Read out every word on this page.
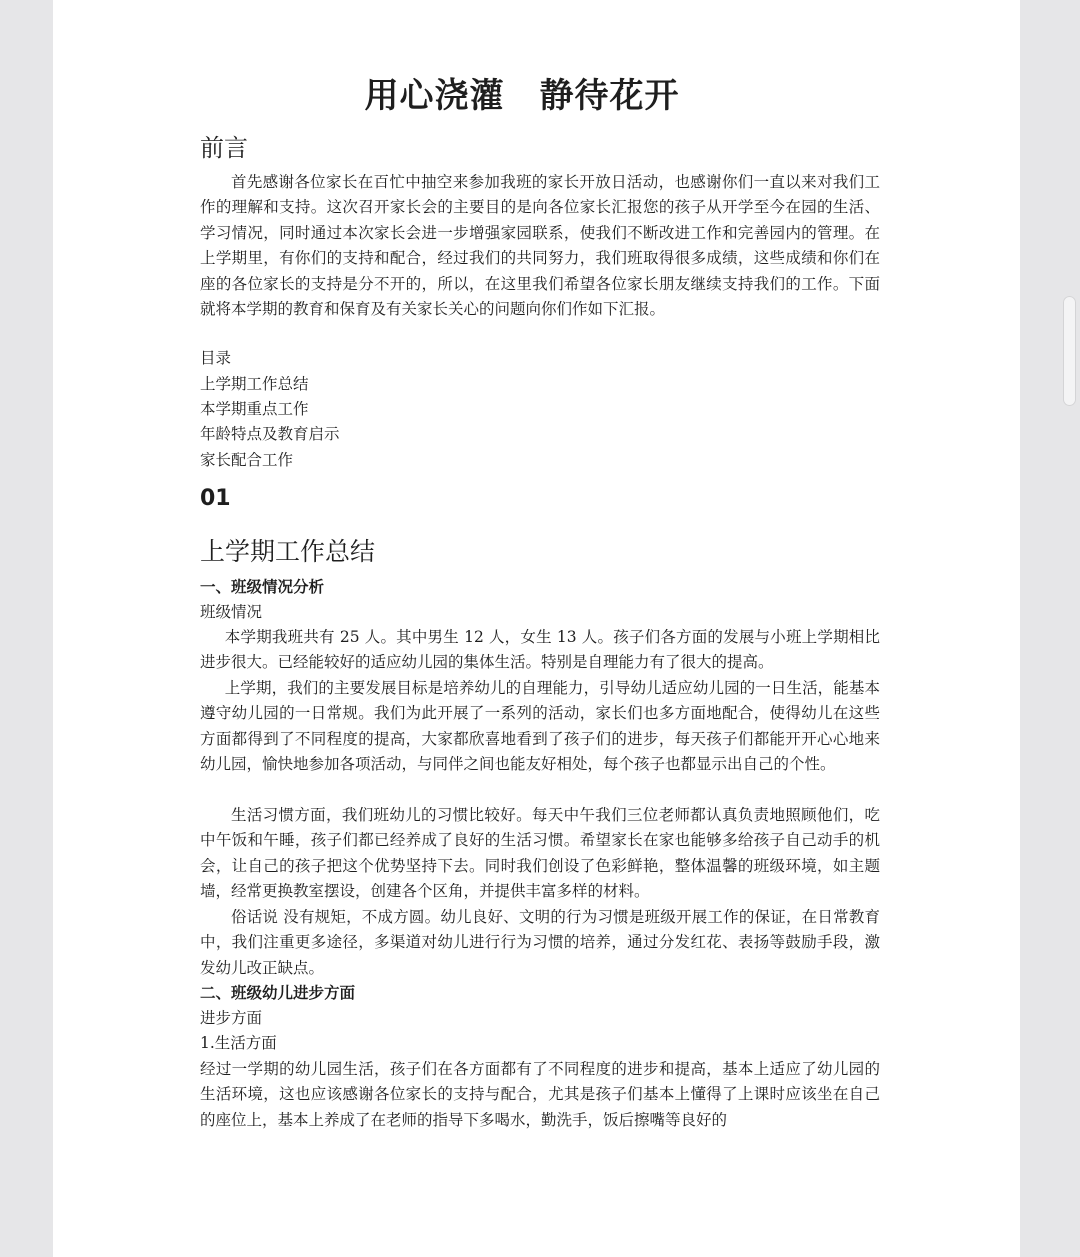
用心浇灌　静待花开
前言

首先感谢各位家长在百忙中抽空来参加我班的家长开放日活动，也感谢你们一直以来对我们工作的理解和支持。这次召开家长会的主要目的是向各位家长汇报您的孩子从开学至今在园的生活、学习情况，同时通过本次家长会进一步增强家园联系，使我们不断改进工作和完善园内的管理。在上学期里，有你们的支持和配合，经过我们的共同努力，我们班取得很多成绩，这些成绩和你们在座的各位家长的支持是分不开的，所以，在这里我们希望各位家长朋友继续支持我们的工作。下面就将本学期的教育和保育及有关家长关心的问题向你们作如下汇报。

目录

上学期工作总结

本学期重点工作

年龄特点及教育启示

家长配合工作

01
上学期工作总结

一、班级情况分析

班级情况

本学期我班共有 25 人。其中男生 12 人，女生 13 人。孩子们各方面的发展与小班上学期相比进步很大。已经能较好的适应幼儿园的集体生活。特别是自理能力有了很大的提高。

上学期，我们的主要发展目标是培养幼儿的自理能力，引导幼儿适应幼儿园的一日生活，能基本遵守幼儿园的一日常规。我们为此开展了一系列的活动，家长们也多方面地配合，使得幼儿在这些方面都得到了不同程度的提高，大家都欣喜地看到了孩子们的进步，每天孩子们都能开开心心地来幼儿园，愉快地参加各项活动，与同伴之间也能友好相处，每个孩子也都显示出自己的个性。

生活习惯方面，我们班幼儿的习惯比较好。每天中午我们三位老师都认真负责地照顾他们，吃中午饭和午睡，孩子们都已经养成了良好的生活习惯。希望家长在家也能够多给孩子自己动手的机会，让自己的孩子把这个优势坚持下去。同时我们创设了色彩鲜艳，整体温馨的班级环境，如主题墙，经常更换教室摆设，创建各个区角，并提供丰富多样的材料。

俗话说 没有规矩，不成方圆。幼儿良好、文明的行为习惯是班级开展工作的保证，在日常教育中，我们注重更多途径，多渠道对幼儿进行行为习惯的培养，通过分发红花、表扬等鼓励手段，激发幼儿改正缺点。

二、班级幼儿进步方面

进步方面

1.生活方面

经过一学期的幼儿园生活，孩子们在各方面都有了不同程度的进步和提高，基本上适应了幼儿园的生活环境，这也应该感谢各位家长的支持与配合，尤其是孩子们基本上懂得了上课时应该坐在自己的座位上，基本上养成了在老师的指导下多喝水，勤洗手，饭后擦嘴等良好的
